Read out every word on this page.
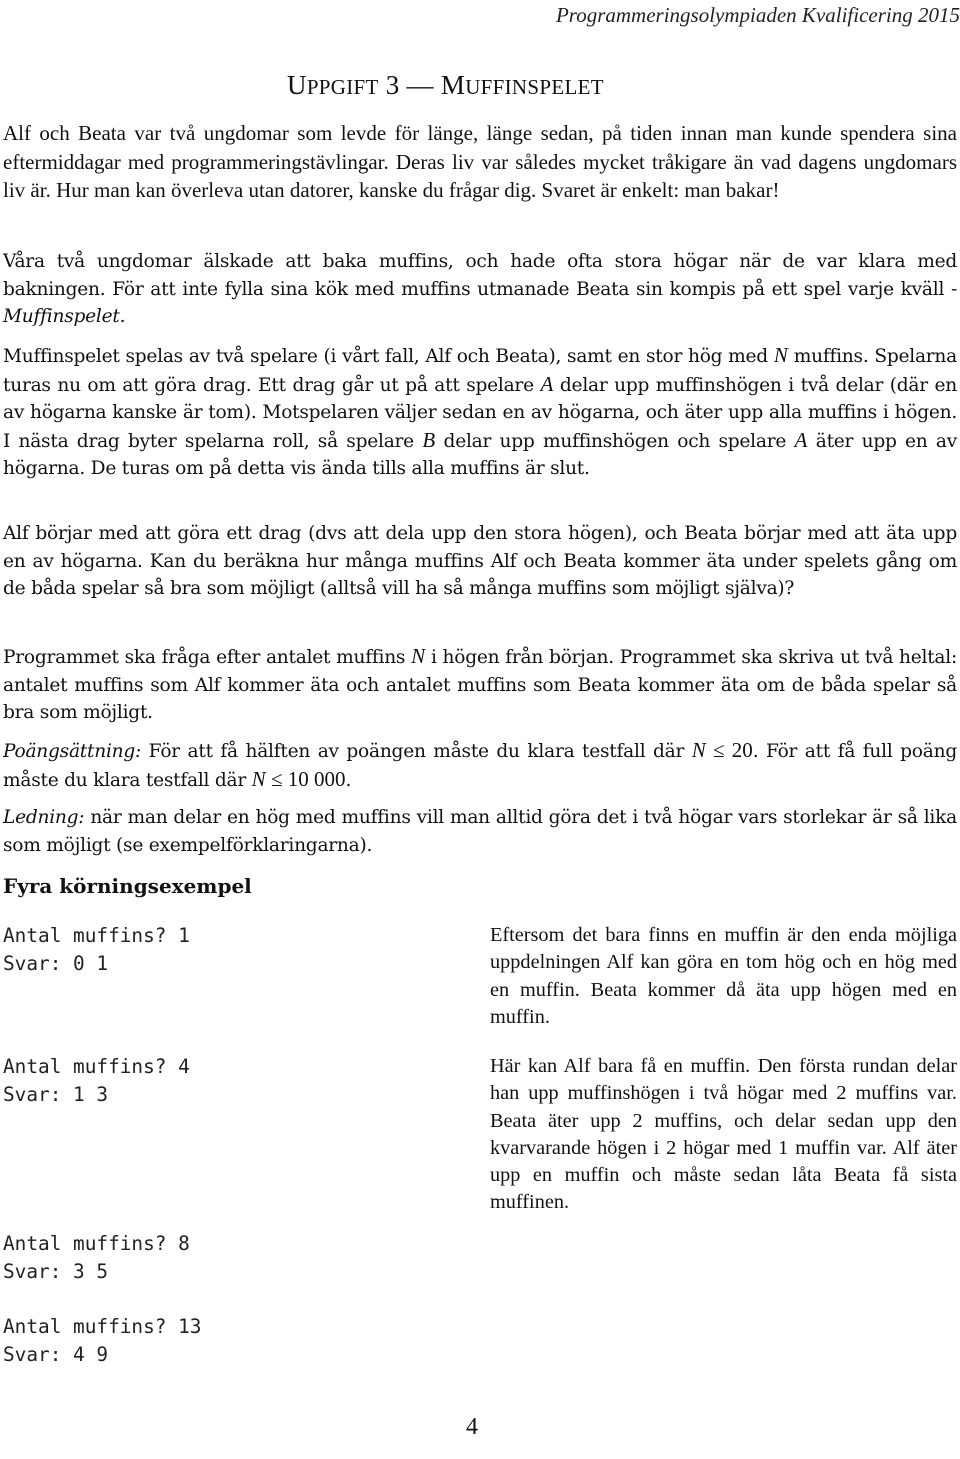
Programmeringsolympiaden Kvalificering 2015
UPPGIFT 3 — MUFFINSPELET
Alf och Beata var två ungdomar som levde för länge, länge sedan, på tiden innan man kunde spendera sina eftermiddagar med programmeringstävlingar. Deras liv var således mycket tråkigare än vad dagens ungdomars liv är. Hur man kan överleva utan datorer, kanske du frågar dig. Svaret är enkelt: man bakar!
Våra två ungdomar älskade att baka muffins, och hade ofta stora högar när de var klara med bakningen. För att inte fylla sina kök med muffins utmanade Beata sin kompis på ett spel varje kväll - Muffinspelet.
Muffinspelet spelas av två spelare (i vårt fall, Alf och Beata), samt en stor hög med N muffins. Spelarna turas nu om att göra drag. Ett drag går ut på att spelare A delar upp muffinshögen i två delar (där en av högarna kanske är tom). Motspelaren väljer sedan en av högarna, och äter upp alla muffins i högen. I nästa drag byter spelarna roll, så spelare B delar upp muffinshögen och spelare A äter upp en av högarna. De turas om på detta vis ända tills alla muffins är slut.
Alf börjar med att göra ett drag (dvs att dela upp den stora högen), och Beata börjar med att äta upp en av högarna. Kan du beräkna hur många muffins Alf och Beata kommer äta under spelets gång om de båda spelar så bra som möjligt (alltså vill ha så många muffins som möjligt själva)?
Programmet ska fråga efter antalet muffins N i högen från början. Programmet ska skriva ut två heltal: antalet muffins som Alf kommer äta och antalet muffins som Beata kommer äta om de båda spelar så bra som möjligt.
Poängsättning: För att få hälften av poängen måste du klara testfall där N ≤ 20. För att få full poäng måste du klara testfall där N ≤ 10 000.
Ledning: när man delar en hög med muffins vill man alltid göra det i två högar vars storlekar är så lika som möjligt (se exempelförklaringarna).
Fyra körningsexempel
Antal muffins? 1
Svar: 0 1
Eftersom det bara finns en muffin är den enda möjliga uppdelningen Alf kan göra en tom hög och en hög med en muffin. Beata kommer då äta upp högen med en muffin.
Antal muffins? 4
Svar: 1 3
Här kan Alf bara få en muffin. Den första rundan delar han upp muffinshögen i två högar med 2 muffins var. Beata äter upp 2 muffins, och delar sedan upp den kvarvarande högen i 2 högar med 1 muffin var. Alf äter upp en muffin och måste sedan låta Beata få sista muffinen.
Antal muffins? 8
Svar: 3 5
Antal muffins? 13
Svar: 4 9
4
